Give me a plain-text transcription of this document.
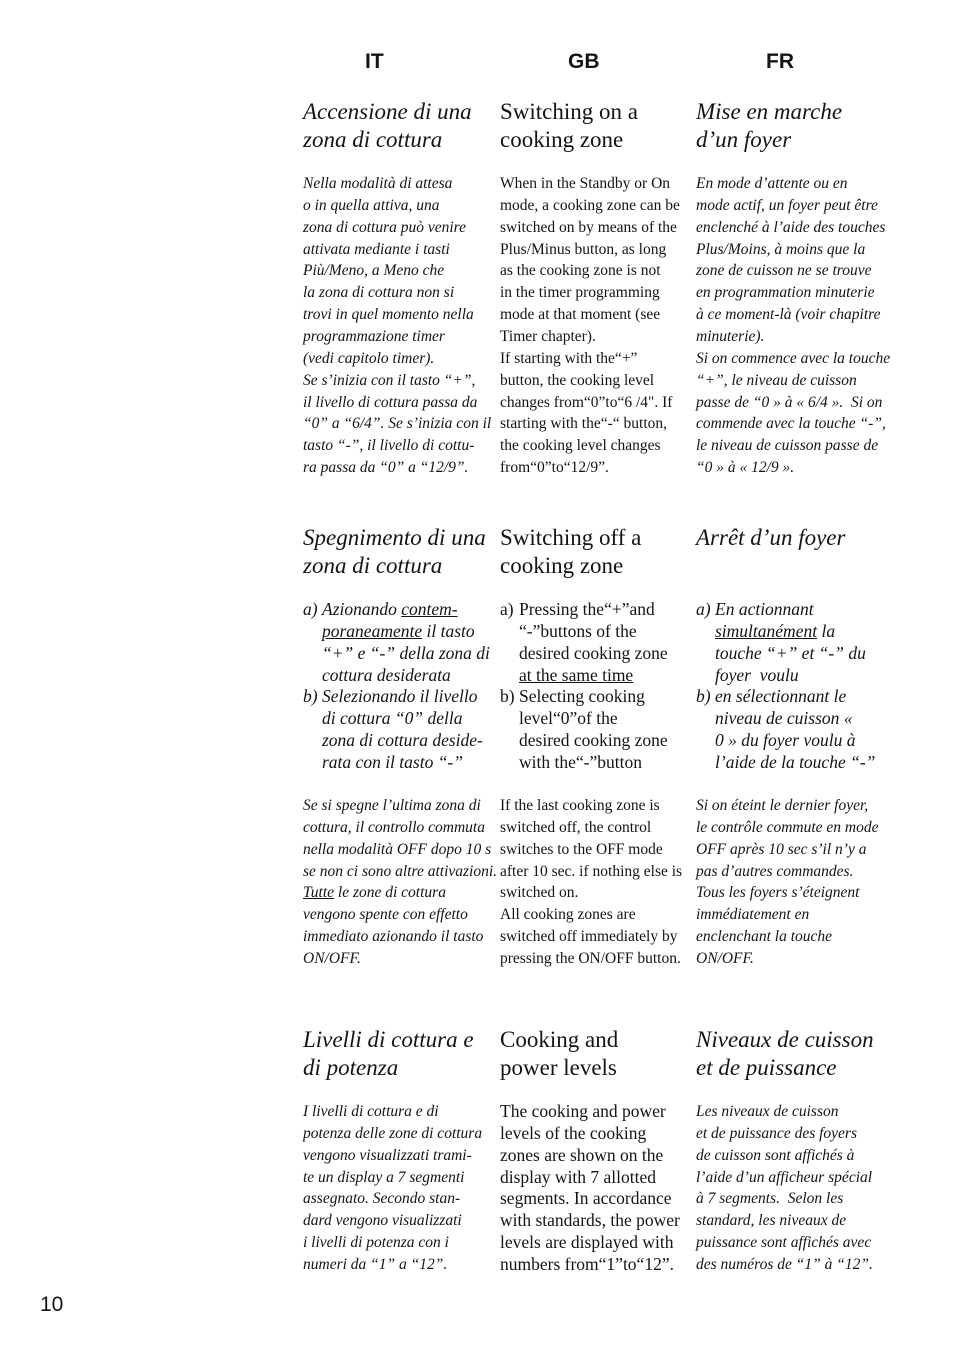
IT	GB	FR
Accensione di una
zona di cottura
Nella modalità di attesa
o in quella attiva, una
zona di cottura può venire
attivata mediante i tasti
Più/Meno, a Meno che
la zona di cottura non si
trovi in quel momento nella
programmazione timer
(vedi capitolo timer).
Se s’inizia con il tasto “+”,
il livello di cottura passa da
“0” a “6/4”. Se s’inizia con il
tasto “-”, il livello di cottu-
ra passa da “0” a “12/9”.
Spegnimento di una
zona di cottura
a) Azionando contem-
poraneamente il tasto
“+” e “-” della zona di
cottura desiderata
b) Selezionando il livello
di cottura “0” della
zona di cottura deside-
rata con il tasto “-”
Se si spegne l’ultima zona di
cottura, il controllo commuta
nella modalità OFF dopo 10 s
se non ci sono altre attivazioni.
Tutte le zone di cottura
vengono spente con effetto
immediato azionando il tasto
ON/OFF.
Livelli di cottura e
di potenza
I livelli di cottura e di
potenza delle zone di cottura
vengono visualizzati trami-
te un display a 7 segmenti
assegnato. Secondo stan-
dard vengono visualizzati
i livelli di potenza con i
numeri da “1” a “12”.
Switching on a
cooking zone
When in the Standby or On
mode, a cooking zone can be
switched on by means of the
Plus/Minus button, as long
as the cooking zone is not
in the timer programming
mode at that moment (see
Timer chapter).
If starting with the“+”
button, the cooking level
changes from“0”to“6 /4". If
starting with the“-“ button,
the cooking level changes
from“0”to“12/9”.
Switching off a
cooking zone
a) Pressing the“+”and
“-”buttons of the
desired cooking zone
at the same time
b) Selecting cooking
level“0”of the
desired cooking zone
with the“-”button
If the last cooking zone is
switched off, the control
switches to the OFF mode
after 10 sec. if nothing else is
switched on.
All cooking zones are
switched off immediately by
pressing the ON/OFF button.
Cooking and
power levels
The cooking and power
levels of the cooking
zones are shown on the
display with 7 allotted
segments. In accordance
with standards, the power
levels are displayed with
numbers from“1”to“12”.
Mise en marche
d’un foyer
En mode d’attente ou en
mode actif, un foyer peut être
enclenché à l’aide des touches
Plus/Moins, à moins que la
zone de cuisson ne se trouve
en programmation minuterie
à ce moment-là (voir chapitre
minuterie).
Si on commence avec la touche
“+”, le niveau de cuisson
passe de “0 » à « 6/4 ».  Si on
commende avec la touche “-”,
le niveau de cuisson passe de
“0 » à « 12/9 ».
Arrêt d’un foyer
a) En actionnant
simultanément la
touche “+” et “-” du
foyer  voulu
b) en sélectionnant le
niveau de cuisson «
0 » du foyer voulu à
l’aide de la touche “-”
Si on éteint le dernier foyer,
le contrôle commute en mode
OFF après 10 sec s’il n’y a
pas d’autres commandes.
Tous les foyers s’éteignent
immédiatement en
enclenchant la touche
ON/OFF.
Niveaux de cuisson
et de puissance
Les niveaux de cuisson
et de puissance des foyers
de cuisson sont affichés à
l’aide d’un afficheur spécial
à 7 segments.  Selon les
standard, les niveaux de
puissance sont affichés avec
des numéros de “1” à “12”.
10
